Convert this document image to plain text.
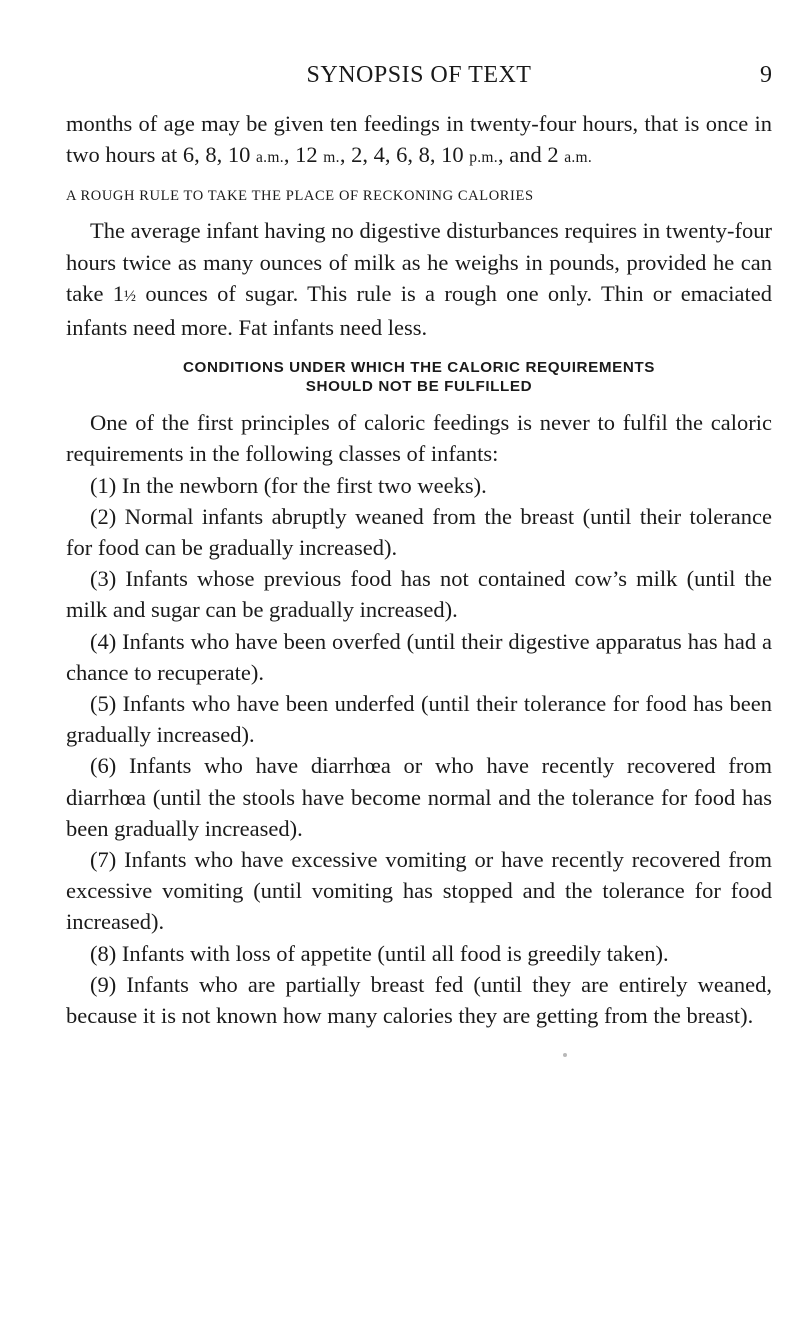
SYNOPSIS OF TEXT	9

months of age may be given ten feedings in twenty-four hours, that is once in two hours at 6, 8, 10 a.m., 12 m., 2, 4, 6, 8, 10 p.m., and 2 a.m.

A ROUGH RULE TO TAKE THE PLACE OF RECKONING CALORIES

The average infant having no digestive disturbances requires in twenty-four hours twice as many ounces of milk as he weighs in pounds, provided he can take 1½ ounces of sugar. This rule is a rough one only. Thin or emaciated infants need more. Fat infants need less.

CONDITIONS UNDER WHICH THE CALORIC REQUIREMENTS
SHOULD NOT BE FULFILLED

One of the first principles of caloric feedings is never to fulfil the caloric requirements in the following classes of infants:

(1) In the newborn (for the first two weeks).

(2) Normal infants abruptly weaned from the breast (until their tolerance for food can be gradually increased).

(3) Infants whose previous food has not contained cow’s milk (until the milk and sugar can be gradually increased).

(4) Infants who have been overfed (until their digestive apparatus has had a chance to recuperate).

(5) Infants who have been underfed (until their tolerance for food has been gradually increased).

(6) Infants who have diarrhœa or who have recently recovered from diarrhœa (until the stools have become normal and the tolerance for food has been gradually increased).

(7) Infants who have excessive vomiting or have recently recovered from excessive vomiting (until vomiting has stopped and the tolerance for food increased).

(8) Infants with loss of appetite (until all food is greedily taken).

(9) Infants who are partially breast fed (until they are entirely weaned, because it is not known how many calories they are getting from the breast).
